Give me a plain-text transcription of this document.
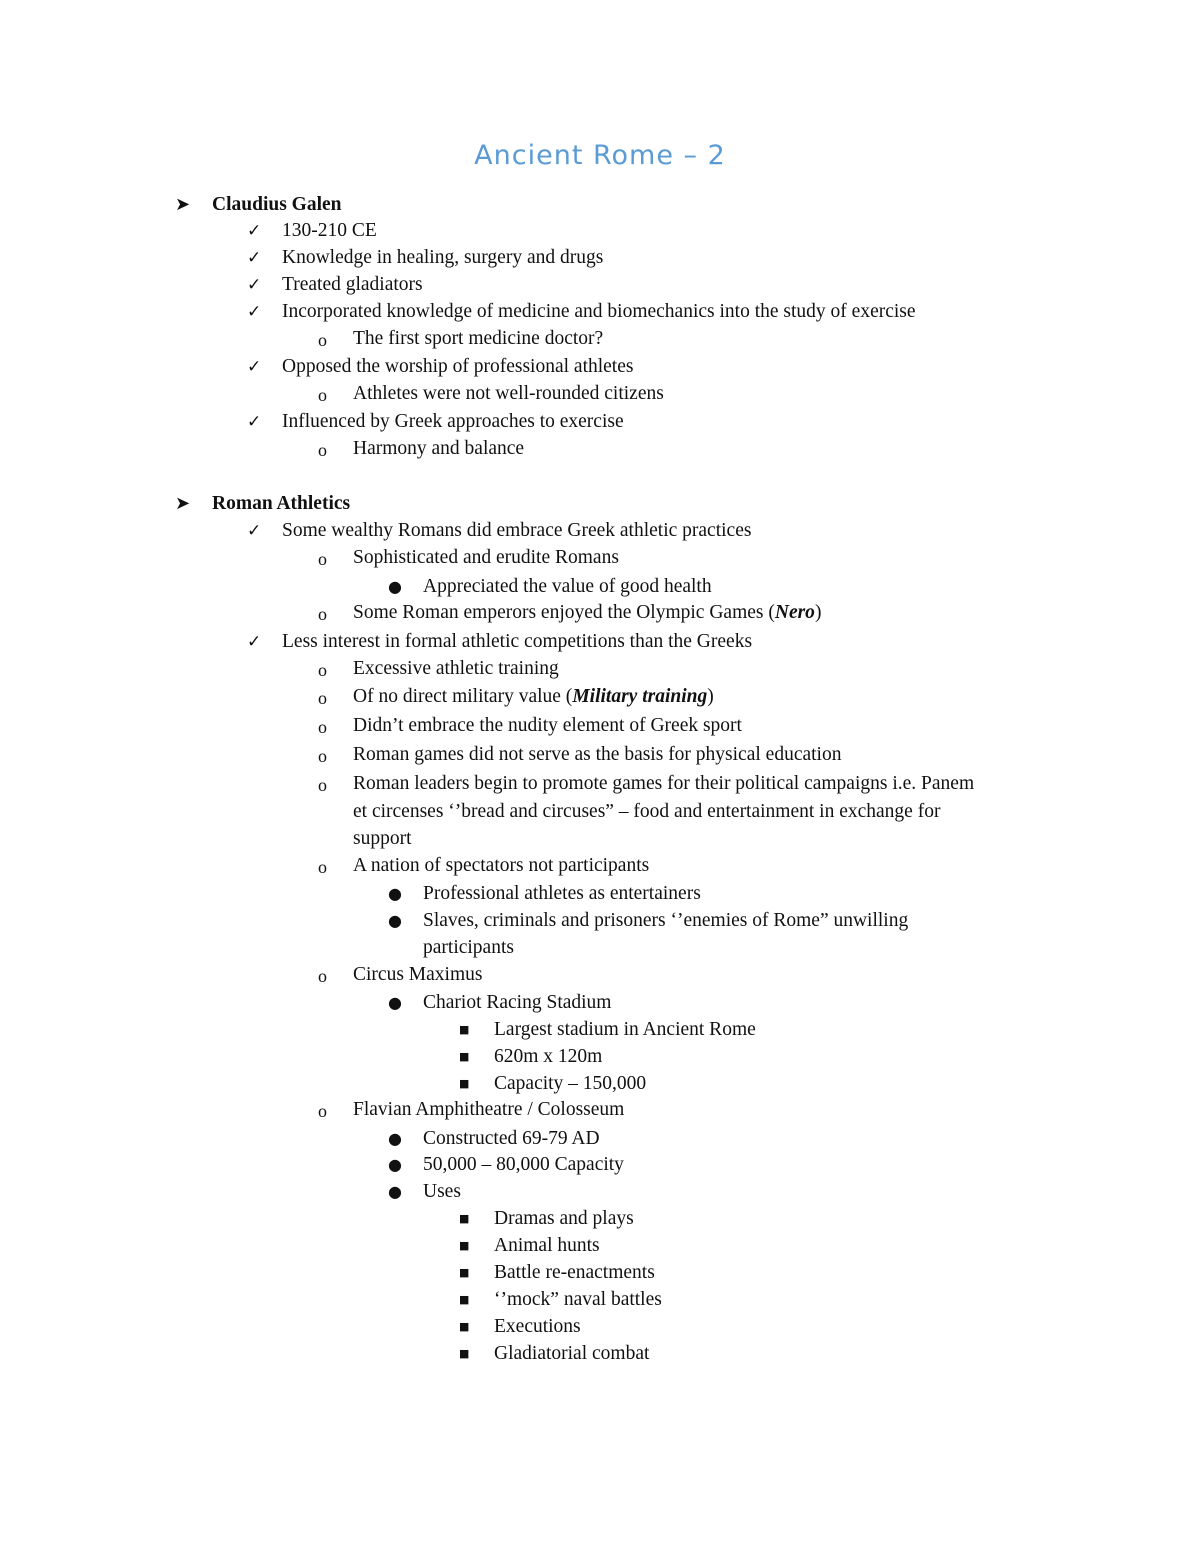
Ancient Rome – 2
➤ Claudius Galen
✓ 130-210 CE
✓ Knowledge in healing, surgery and drugs
✓ Treated gladiators
✓ Incorporated knowledge of medicine and biomechanics into the study of exercise
o The first sport medicine doctor?
✓ Opposed the worship of professional athletes
o Athletes were not well-rounded citizens
✓ Influenced by Greek approaches to exercise
o Harmony and balance
➤ Roman Athletics
✓ Some wealthy Romans did embrace Greek athletic practices
o Sophisticated and erudite Romans
● Appreciated the value of good health
o Some Roman emperors enjoyed the Olympic Games (Nero)
✓ Less interest in formal athletic competitions than the Greeks
o Excessive athletic training
o Of no direct military value (Military training)
o Didn’t embrace the nudity element of Greek sport
o Roman games did not serve as the basis for physical education
o Roman leaders begin to promote games for their political campaigns i.e. Panem
et circenses ‘’bread and circuses” – food and entertainment in exchange for
support
o A nation of spectators not participants
● Professional athletes as entertainers
● Slaves, criminals and prisoners ‘’enemies of Rome” unwilling
participants
o Circus Maximus
● Chariot Racing Stadium
■ Largest stadium in Ancient Rome
■ 620m x 120m
■ Capacity – 150,000
o Flavian Amphitheatre / Colosseum
● Constructed 69-79 AD
● 50,000 – 80,000 Capacity
● Uses
■ Dramas and plays
■ Animal hunts
■ Battle re-enactments
■ ‘’mock” naval battles
■ Executions
■ Gladiatorial combat
